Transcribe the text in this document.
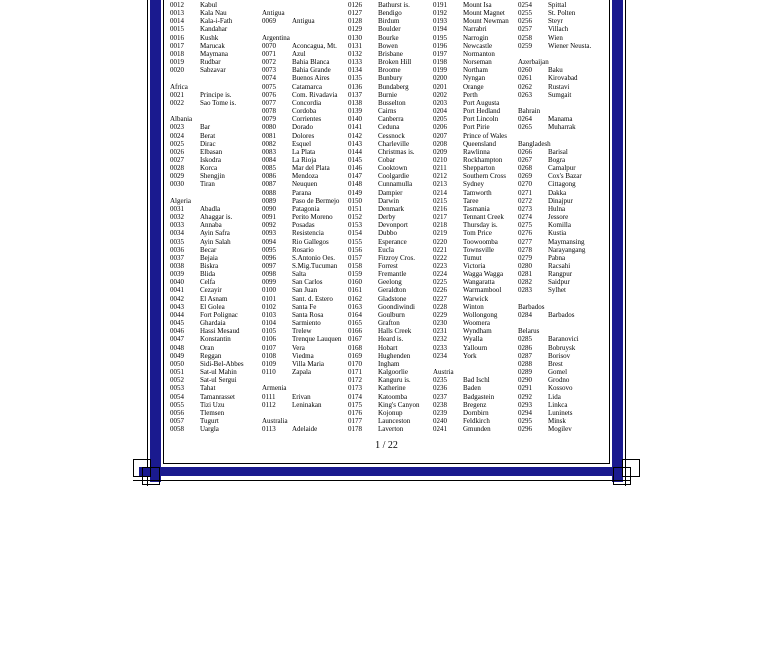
0012 Kabul
0013 Kala Nau
0014 Kala-i-Fath
0015 Kandahar
0016 Kushk
0017 Marucak
0018 Maymana
0019 Rudbar
0020 Sabzavar
Africa
0021 Principe is.
0022 Sao Tome is.
Albania
0023 Bar
0024 Berat
0025 Dirac
0026 Elbasan
0027 Iskodra
0028 Korca
0029 Shengjin
0030 Tiran
Algeria
0031 Abadla
0032 Ahaggar is.
0033 Annaba
0034 Ayin Safra
0035 Ayin Salah
0036 Becar
0037 Bejaia
0038 Biskra
0039 Blida
0040 Celfa
0041 Cezayir
0042 El Asnam
0043 El Golea
0044 Fort Polignac
0045 Ghardaia
0046 Hassi Mesaud
0047 Konstantin
0048 Oran
0049 Reggan
0050 Sidi-Bel-Abbes
0051 Sat-ul Mahin
0052 Sat-ul Sergui
0053 Tahat
0054 Tamanrasset
0055 Tizi Uzu
0056 Tlemsen
0057 Tugurt
0058 Uargla
Antigua
0069 Antigua
Argentina
0070 Aconcagua, Mt.
0071 Azul
0072 Bahia Blanca
0073 Bahia Grande
0074 Buenos Aires
0075 Catamarca
0076 Com. Rivadavia
0077 Concordia
0078 Cordoba
0079 Corrientes
0080 Dorado
0081 Dolores
0082 Esquel
0083 La Plata
0084 La Rioja
0085 Mar del Plata
0086 Mendoza
0087 Neuquen
0088 Parana
0089 Paso de Bermejo
0090 Patagonia
0091 Perito Moreno
0092 Posadas
0093 Resistencia
0094 Rio Gallegos
0095 Rosario
0096 S.Antonio Oes.
0097 S.Mig.Tucuman
0098 Salta
0099 San Carlos
0100 San Juan
0101 Sant. d. Estero
0102 Santa Fe
0103 Santa Rosa
0104 Sarmiento
0105 Trelew
0106 Trenque Lauquen
0107 Vera
0108 Viedma
0109 Villa Maria
0110 Zapala
Armenia
0111 Erivan
0112 Leninakan
Australia
0113 Adelaide
0126 Bathurst is.
0127 Bendigo
0128 Birdum
0129 Boulder
0130 Bourke
0131 Bowen
0132 Brisbane
0133 Broken Hill
0134 Broome
0135 Bunbury
0136 Bundaberg
0137 Burnie
0138 Busselton
0139 Cairns
0140 Canberra
0141 Ceduna
0142 Cessnock
0143 Charleville
0144 Christmas is.
0145 Cobar
0146 Cooktown
0147 Coolgardie
0148 Cunnamulla
0149 Dampier
0150 Darwin
0151 Denmark
0152 Derby
0153 Devonport
0154 Dubbo
0155 Esperance
0156 Eucla
0157 Fitzroy Cros.
0158 Forrest
0159 Fremantle
0160 Geelong
0161 Geraldton
0162 Gladstone
0163 Goondiwindi
0164 Goulburn
0165 Grafton
0166 Halls Creek
0167 Heard is.
0168 Hobart
0169 Hughenden
0170 Ingham
0171 Kalgoorlie
0172 Kanguru is.
0173 Katherine
0174 Katoomba
0175 King's Canyon
0176 Kojonup
0177 Launceston
0178 Laverton
0191 Mount Isa
0192 Mount Magnet
0193 Mount Newman
0194 Narrabri
0195 Narrogin
0196 Newcastle
0197 Normanton
0198 Norseman
0199 Northam
0200 Nyngan
0201 Orange
0202 Perth
0203 Port Augusta
0204 Port Hedland
0205 Port Lincoln
0206 Port Pirie
0207 Prince of Wales
0208 Queensland
0209 Rawlinna
0210 Rockhampton
0211 Shepparton
0212 Southern Cross
0213 Sydney
0214 Tamworth
0215 Taree
0216 Tasmania
0217 Tennant Creek
0218 Thursday is.
0219 Tom Price
0220 Toowoomba
0221 Townsville
0222 Tumut
0223 Victoria
0224 Wagga Wagga
0225 Wangaratta
0226 Warrnambool
0227 Warwick
0228 Winton
0229 Wollongong
0230 Woomera
0231 Wyndham
0232 Wyalla
0233 Yallourn
0234 York
Austria
0235 Bad Ischl
0236 Baden
0237 Badgastein
0238 Bregenz
0239 Dornbirn
0240 Feldkirch
0241 Gmunden
0254 Spittal
0255 St. Polten
0256 Steyr
0257 Villach
0258 Wien
0259 Wiener Neusta.
Azerbaijan
0260 Baku
0261 Kirovabad
0262 Rustavi
0263 Sumgait
Bahrain
0264 Manama
0265 Muharrak
Bangladesh
0266 Barisal
0267 Bogra
0268 Camalpur
0269 Cox's Bazar
0270 Cittagong
0271 Dakka
0272 Dinajpur
0273 Hulna
0274 Jessore
0275 Komilla
0276 Kustia
0277 Maymansing
0278 Narayangang
0279 Pabna
0280 Racsahi
0281 Rangpur
0282 Saidpur
0283 Sylhet
Barbados
0284 Barbados
Belarus
0285 Baranovici
0286 Bobruysk
0287 Borisov
0288 Brest
0289 Gomel
0290 Grodno
0291 Kossovo
0292 Lida
0293 Linkca
0294 Luninets
0295 Minsk
0296 Mogilev
1 / 22
